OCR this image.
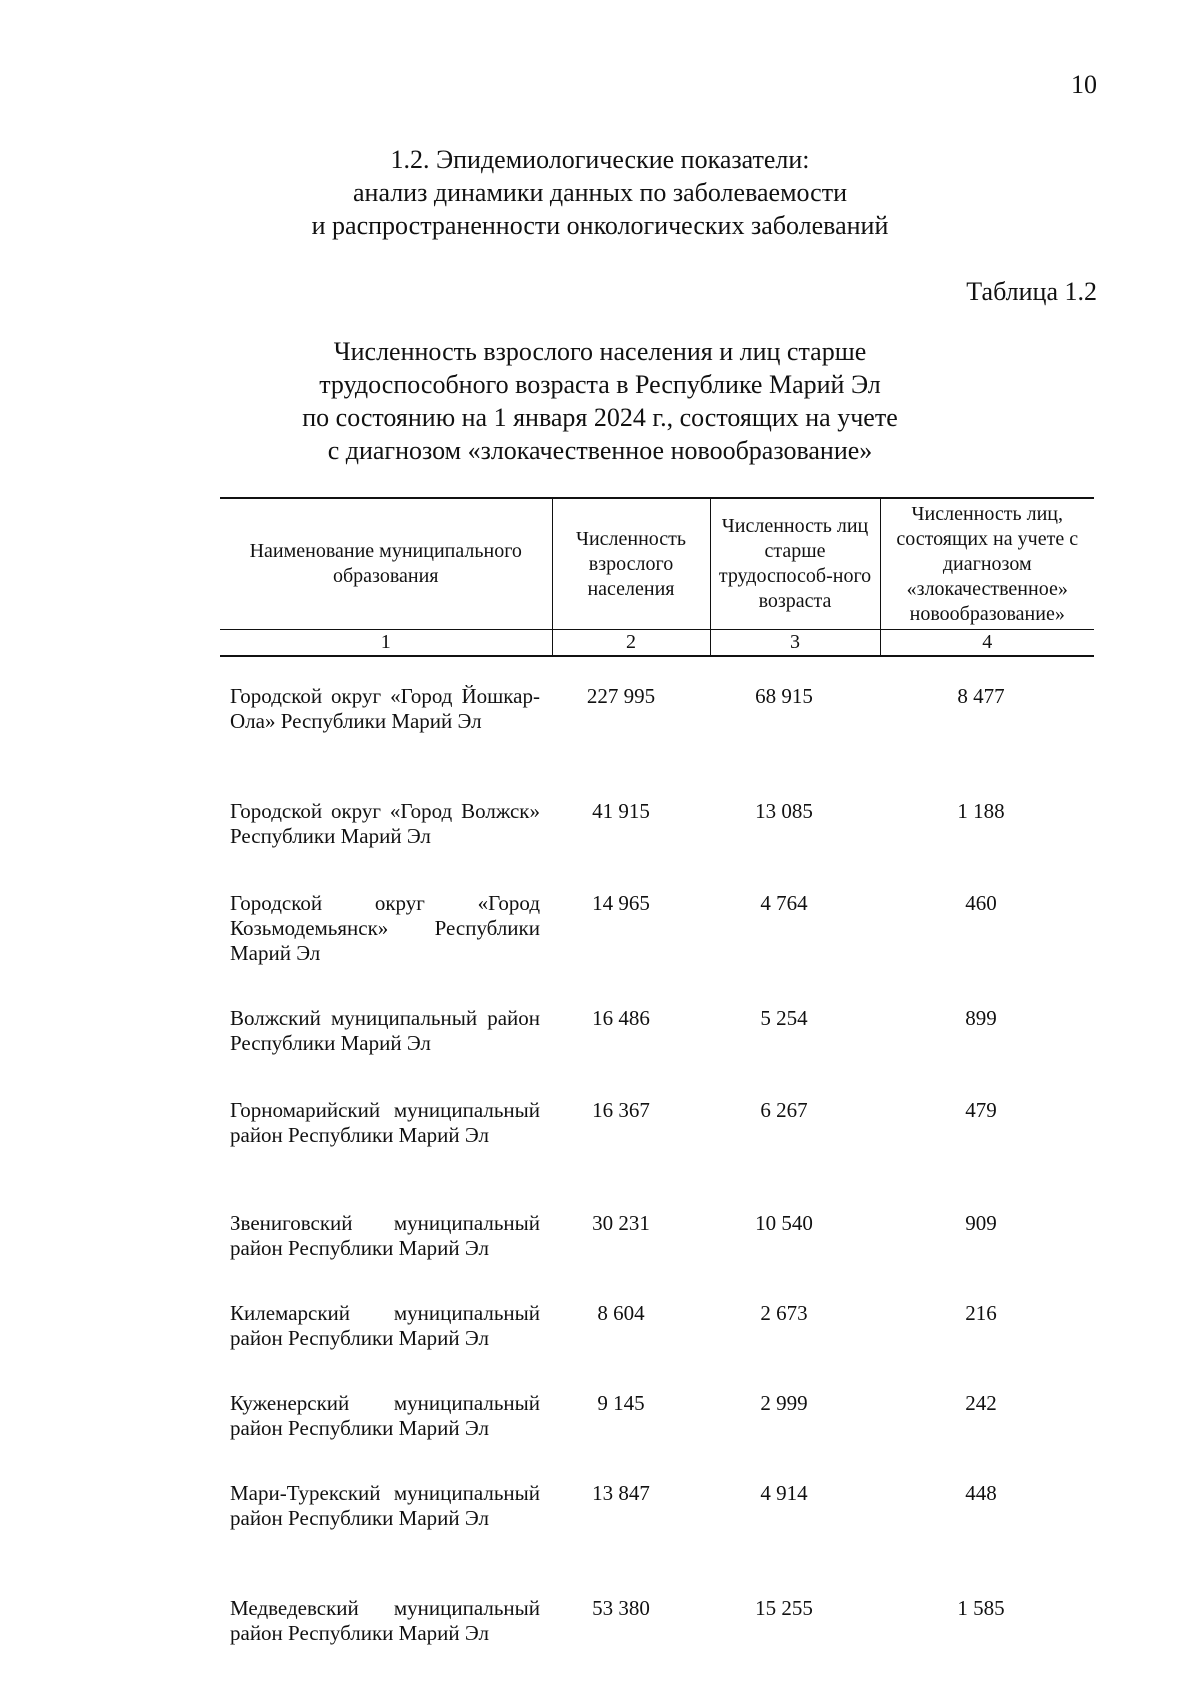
10
1.2. Эпидемиологические показатели:
анализ динамики данных по заболеваемости
и распространенности онкологических заболеваний
Таблица 1.2
Численность взрослого населения и лиц старше
трудоспособного возраста в Республике Марий Эл
по состоянию на 1 января 2024 г., состоящих на учете
с диагнозом «злокачественное новообразование»
Наименование муниципального образования	Численность взрослого населения	Численность лиц старше трудоспособ-ного возраста	Численность лиц, состоящих на учете с диагнозом «злокачественное» новообразование»
1	2	3	4

Городской округ «Город Йошкар-Ола» Республики Марий Эл	227 995	68 915	8 477

Городской округ «Город Волжск» Республики Марий Эл	41 915	13 085	1 188

Городской округ «Город Козьмодемьянск» Республики Марий Эл	14 965	4 764	460

Волжский муниципальный район Республики Марий Эл	16 486	5 254	899

Горномарийский муниципальный район Республики Марий Эл	16 367	6 267	479

Звениговский муниципальный район Республики Марий Эл	30 231	10 540	909

Килемарский муниципальный район Республики Марий Эл	8 604	2 673	216

Куженерский муниципальный район Республики Марий Эл	9 145	2 999	242

Мари-Турекский муниципальный район Республики Марий Эл	13 847	4 914	448

Медведевский муниципальный район Республики Марий Эл	53 380	15 255	1 585
